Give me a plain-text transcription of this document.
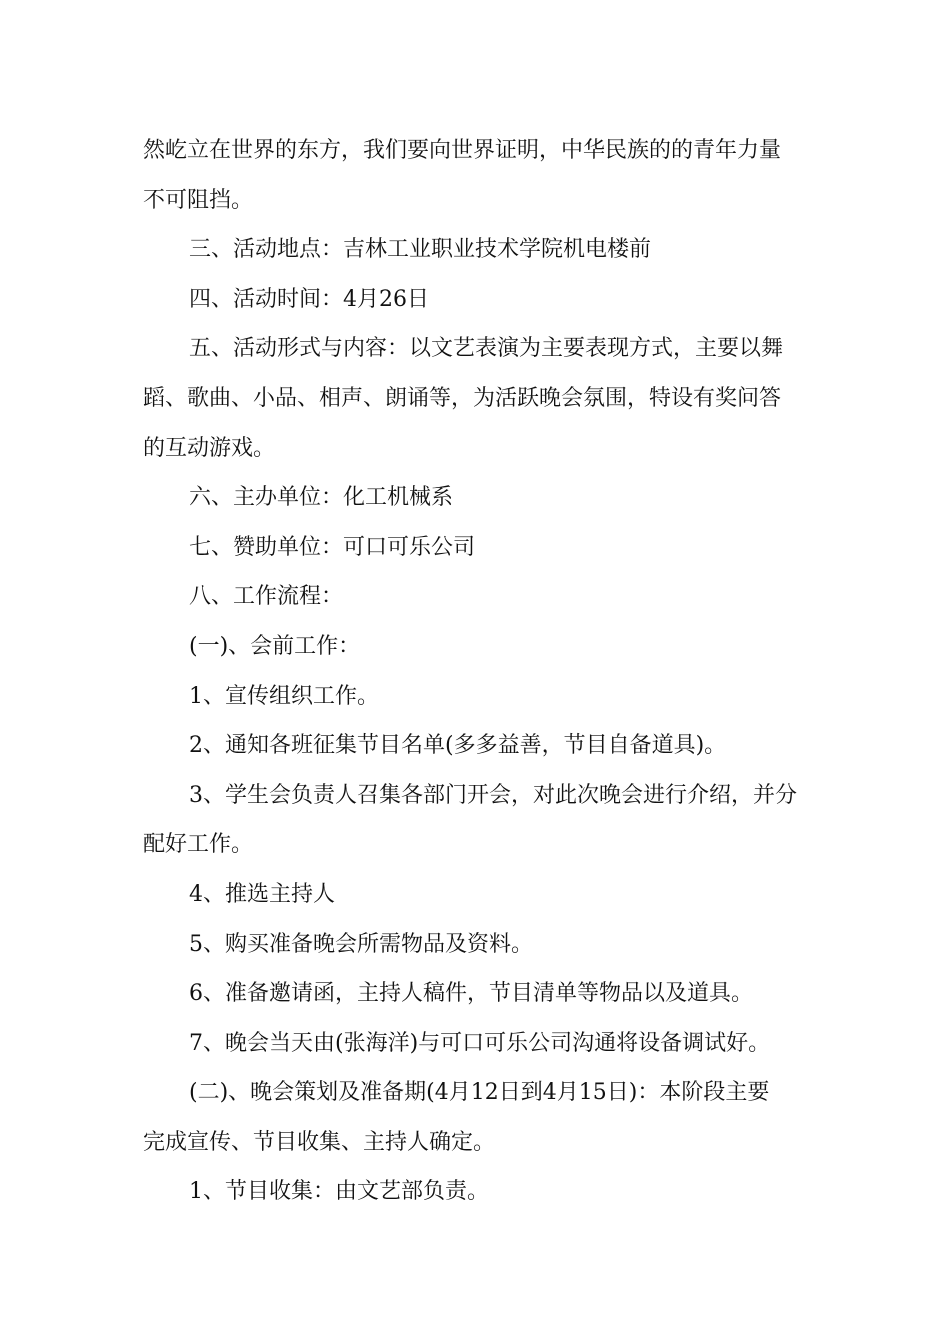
然屹立在世界的东方，我们要向世界证明，中华民族的的青年力量

不可阻挡。

三、活动地点：吉林工业职业技术学院机电楼前

四、活动时间：4月26日

五、活动形式与内容：以文艺表演为主要表现方式，主要以舞

蹈、歌曲、小品、相声、朗诵等，为活跃晚会氛围，特设有奖问答

的互动游戏。

六、主办单位：化工机械系

七、赞助单位：可口可乐公司

八、工作流程：

(一)、会前工作：

1、宣传组织工作。

2、通知各班征集节目名单(多多益善，节目自备道具)。

3、学生会负责人召集各部门开会，对此次晚会进行介绍，并分

配好工作。

4、推选主持人

5、购买准备晚会所需物品及资料。

6、准备邀请函，主持人稿件，节目清单等物品以及道具。

7、晚会当天由(张海洋)与可口可乐公司沟通将设备调试好。

(二)、晚会策划及准备期(4月12日到4月15日)：本阶段主要

完成宣传、节目收集、主持人确定。

1、节目收集：由文艺部负责。
